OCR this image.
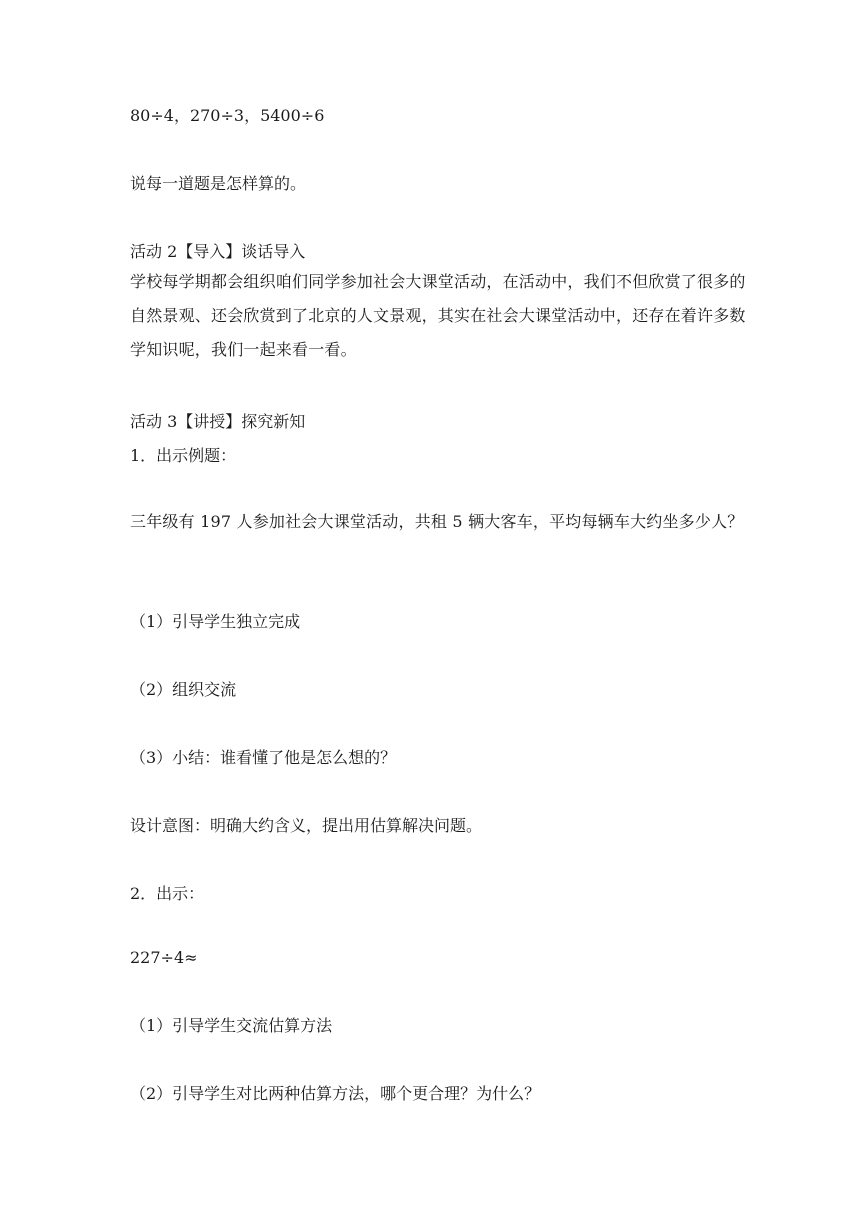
80÷4，270÷3，5400÷6
说每一道题是怎样算的。
活动 2【导入】谈话导入
学校每学期都会组织咱们同学参加社会大课堂活动，在活动中，我们不但欣赏了很多的自然景观、还会欣赏到了北京的人文景观，其实在社会大课堂活动中，还存在着许多数学知识呢，我们一起来看一看。
活动 3【讲授】探究新知
1．出示例题：
三年级有 197 人参加社会大课堂活动，共租 5 辆大客车，平均每辆车大约坐多少人？
（1）引导学生独立完成
（2）组织交流
（3）小结：谁看懂了他是怎么想的？
设计意图：明确大约含义，提出用估算解决问题。
2．出示：
227÷4≈
（1）引导学生交流估算方法
（2）引导学生对比两种估算方法，哪个更合理？为什么？
